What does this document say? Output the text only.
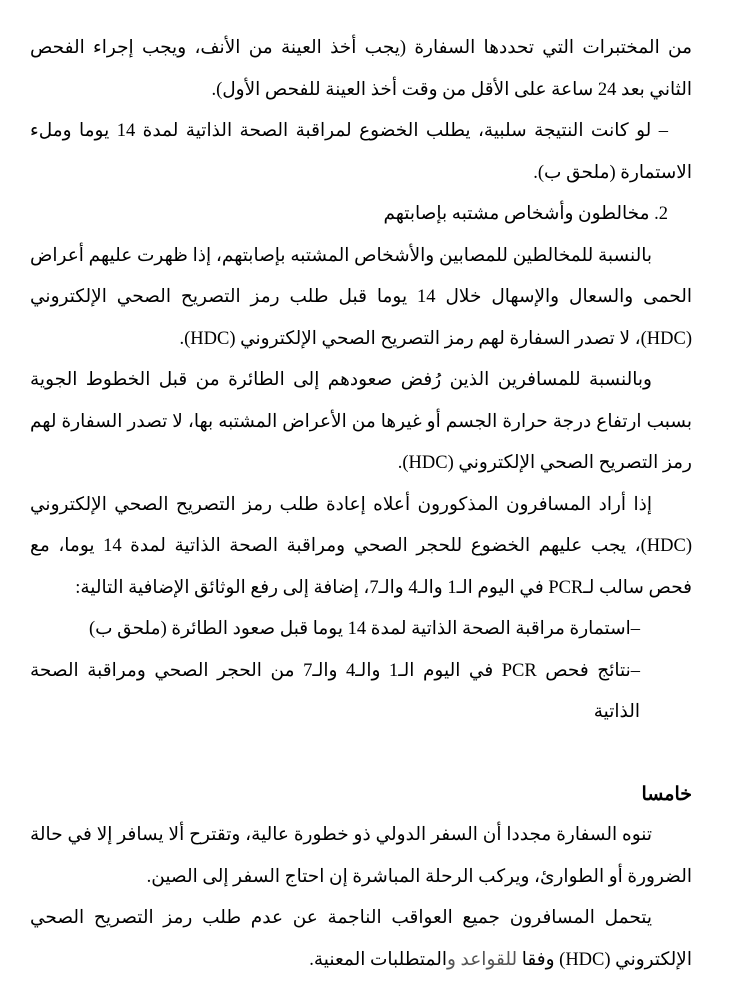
من المختبرات التي تحددها السفارة (يجب أخذ العينة من الأنف، ويجب إجراء الفحص الثاني بعد 24 ساعة على الأقل من وقت أخذ العينة للفحص الأول).

– لو كانت النتيجة سلبية، يطلب الخضوع لمراقبة الصحة الذاتية لمدة 14 يوما وملء الاستمارة (ملحق ب).

2. مخالطون وأشخاص مشتبه بإصابتهم

بالنسبة للمخالطين للمصابين والأشخاص المشتبه بإصابتهم، إذا ظهرت عليهم أعراض الحمى والسعال والإسهال خلال 14 يوما قبل طلب رمز التصريح الصحي الإلكتروني (HDC)، لا تصدر السفارة لهم رمز التصريح الصحي الإلكتروني (HDC).

وبالنسبة للمسافرين الذين رُفض صعودهم إلى الطائرة من قبل الخطوط الجوية بسبب ارتفاع درجة حرارة الجسم أو غيرها من الأعراض المشتبه بها، لا تصدر السفارة لهم رمز التصريح الصحي الإلكتروني (HDC).

إذا أراد المسافرون المذكورون أعلاه إعادة طلب رمز التصريح الصحي الإلكتروني (HDC)، يجب عليهم الخضوع للحجر الصحي ومراقبة الصحة الذاتية لمدة 14 يوما، مع فحص سالب لـPCR في اليوم الـ1 والـ4 والـ7، إضافة إلى رفع الوثائق الإضافية التالية:

–استمارة مراقبة الصحة الذاتية لمدة 14 يوما قبل صعود الطائرة (ملحق ب)

–نتائج فحص PCR في اليوم الـ1 والـ4 والـ7 من الحجر الصحي ومراقبة الصحة الذاتية

خامسا

تنوه السفارة مجددا أن السفر الدولي ذو خطورة عالية، وتقترح ألا يسافر إلا في حالة الضرورة أو الطوارئ، ويركب الرحلة المباشرة إن احتاج السفر إلى الصين.

يتحمل المسافرون جميع العواقب الناجمة عن عدم طلب رمز التصريح الصحي الإلكتروني (HDC) وفقا للقواعد والمتطلبات المعنية.
